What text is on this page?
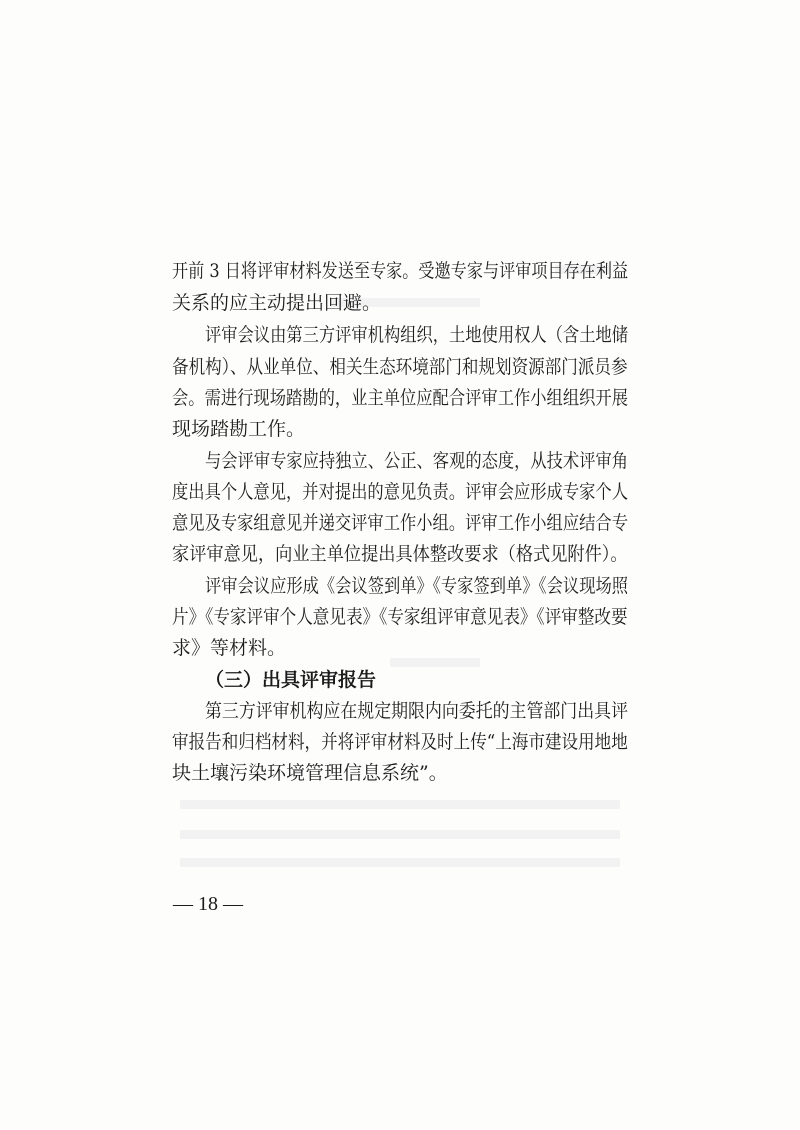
开前 3 日将评审材料发送至专家。受邀专家与评审项目存在利益
关系的应主动提出回避。
评审会议由第三方评审机构组织，土地使用权人（含土地储
备机构）、从业单位、相关生态环境部门和规划资源部门派员参
会。需进行现场踏勘的，业主单位应配合评审工作小组组织开展
现场踏勘工作。
与会评审专家应持独立、公正、客观的态度，从技术评审角
度出具个人意见，并对提出的意见负责。评审会应形成专家个人
意见及专家组意见并递交评审工作小组。评审工作小组应结合专
家评审意见，向业主单位提出具体整改要求（格式见附件）。
评审会议应形成《会议签到单》《专家签到单》《会议现场照
片》《专家评审个人意见表》《专家组评审意见表》《评审整改要
求》等材料。
（三）出具评审报告
第三方评审机构应在规定期限内向委托的主管部门出具评
审报告和归档材料，并将评审材料及时上传“上海市建设用地地
块土壤污染环境管理信息系统”。
— 18 —
